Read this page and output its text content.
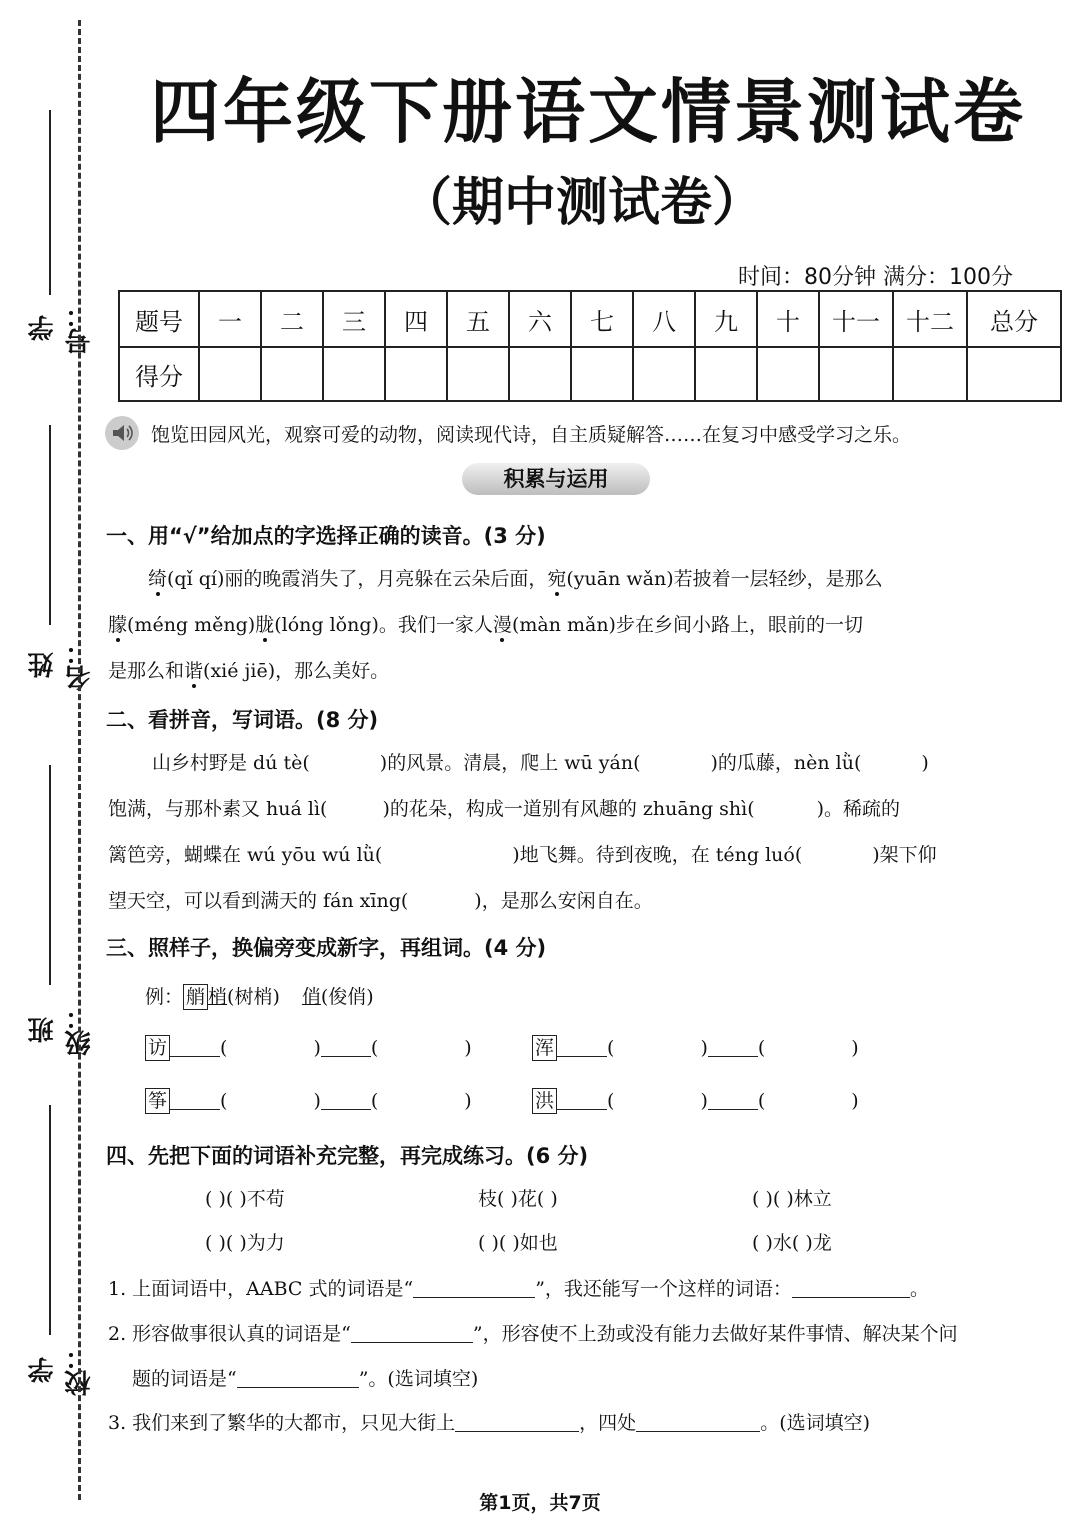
学号：
姓名：
班级：
学校：
四年级下册语文情景测试卷
（期中测试卷）
时间：80分钟 满分：100分
题号	一	二	三	四	五	六	七	八	九	十	十一	十二	总分
得分													
饱览田园风光，观察可爱的动物，阅读现代诗，自主质疑解答……在复习中感受学习之乐。
积累与运用
一、用“√”给加点的字选择正确的读音。(3 分)
绮(qǐ qí)丽的晚霞消失了，月亮躲在云朵后面，宛(yuān wǎn)若披着一层轻纱，是那么
朦(méng měng)胧(lóng lǒng)。我们一家人漫(màn mǎn)步在乡间小路上，眼前的一切
是那么和谐(xié jiē)，那么美好。
二、看拼音，写词语。(8 分)
山乡村野是 dú tè(	)的风景。清晨，爬上 wū yán(	)的瓜藤，nèn lǜ(	)
饱满，与那朴素又 huá lì(	)的花朵，构成一道别有风趣的 zhuāng shì(	)。稀疏的
篱笆旁，蝴蝶在 wú yōu wú lǜ(	)地飞舞。待到夜晚，在 téng luó(	)架下仰
望天空，可以看到满天的 fán xīng(	)，是那么安闲自在。
三、照样子，换偏旁变成新字，再组词。(4 分)
例： 艄 梢(树梢) 俏(俊俏)
访	(	)	(	)	浑	(	)	(	)
筝	(	)	(	)	洪	(	)	(	)
四、先把下面的词语补充完整，再完成练习。(6 分)
( )( )不苟	枝( )花( )	( )( )林立
( )( )为力	( )( )如也	( )水( )龙
1. 上面词语中，AABC 式的词语是“	”，我还能写一个这样的词语：	。
2. 形容做事很认真的词语是“	”，形容使不上劲或没有能力去做好某件事情、解决某个问
题的词语是“	”。(选词填空)
3. 我们来到了繁华的大都市，只见大街上	，四处	。(选词填空)
第1页，共7页
